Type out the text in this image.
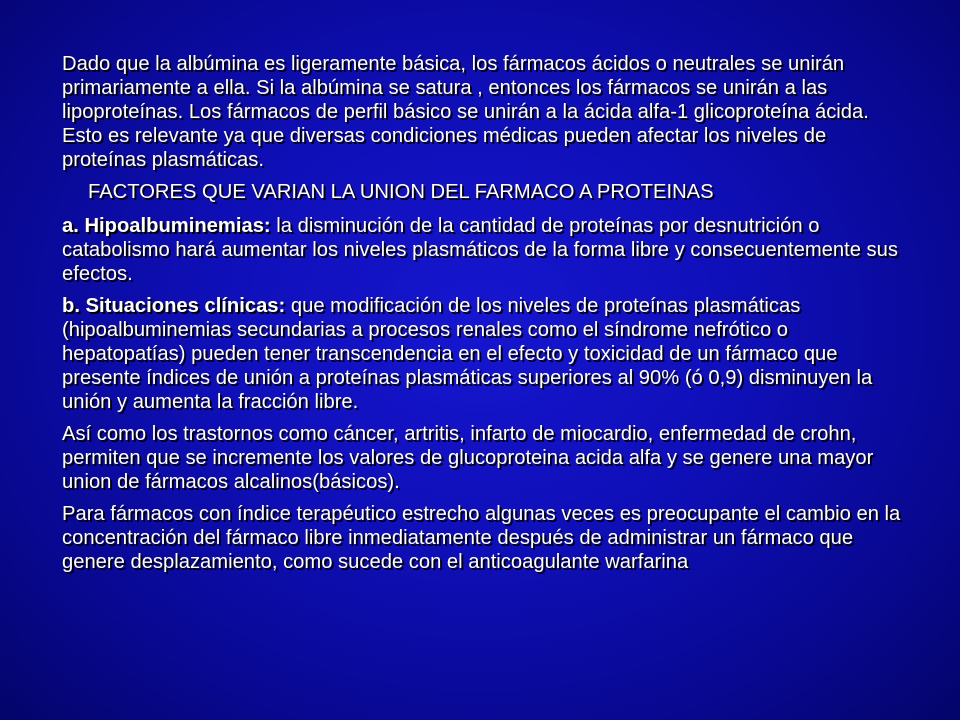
Dado que la albúmina es ligeramente básica, los fármacos ácidos o neutrales se unirán primariamente a ella. Si la albúmina se satura , entonces los fármacos se unirán a las lipoproteínas. Los fármacos de perfil básico se unirán a la ácida alfa-1 glicoproteína ácida. Esto es relevante ya que diversas condiciones médicas pueden afectar los niveles de proteínas plasmáticas.

FACTORES QUE VARIAN LA UNION DEL FARMACO A PROTEINAS

a. Hipoalbuminemias: la disminución de la cantidad de proteínas por desnutrición o catabolismo hará aumentar los niveles plasmáticos de la forma libre y consecuentemente sus efectos.

b. Situaciones clínicas: que modificación de los niveles de proteínas plasmáticas (hipoalbuminemias secundarias a procesos renales como el síndrome nefrótico o hepatopatías) pueden tener transcendencia en el efecto y toxicidad de un fármaco que presente índices de unión a proteínas plasmáticas superiores al 90% (ó 0,9) disminuyen la unión y aumenta la fracción libre.

Así como los trastornos como cáncer, artritis, infarto de miocardio, enfermedad de crohn, permiten que se incremente los valores de glucoproteina acida alfa y se genere una mayor union de fármacos alcalinos(básicos).

Para fármacos con índice terapéutico estrecho algunas veces es preocupante el cambio en la concentración del fármaco libre inmediatamente después de administrar un fármaco que genere desplazamiento, como sucede con el anticoagulante warfarina
